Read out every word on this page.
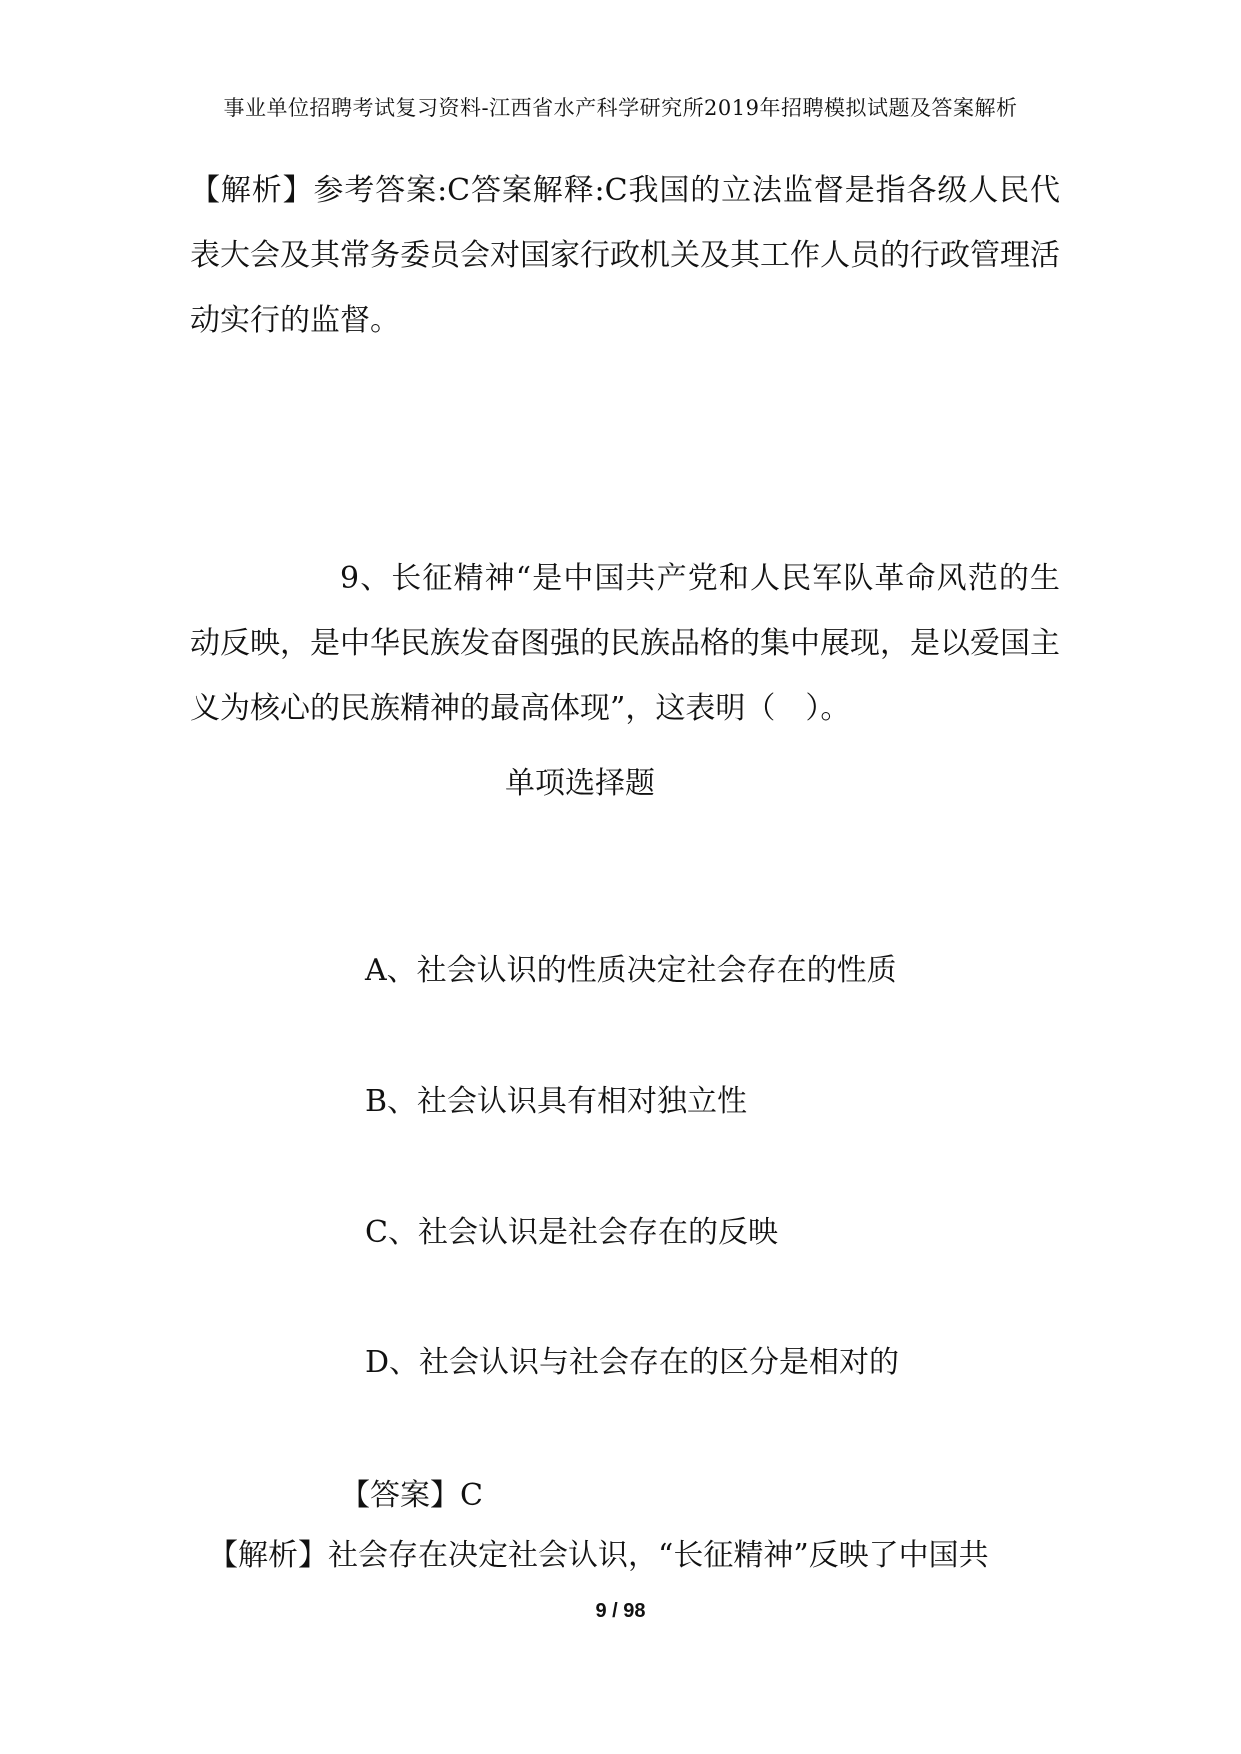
事业单位招聘考试复习资料-江西省水产科学研究所2019年招聘模拟试题及答案解析
【解析】参考答案:C答案解释:C我国的立法监督是指各级人民代表大会及其常务委员会对国家行政机关及其工作人员的行政管理活动实行的监督。
9、长征精神“是中国共产党和人民军队革命风范的生动反映，是中华民族发奋图强的民族品格的集中展现，是以爱国主义为核心的民族精神的最高体现”，这表明（　）。
单项选择题
A、社会认识的性质决定社会存在的性质
B、社会认识具有相对独立性
C、社会认识是社会存在的反映
D、社会认识与社会存在的区分是相对的
【答案】C
【解析】社会存在决定社会认识，“长征精神”反映了中国共
9 / 98
